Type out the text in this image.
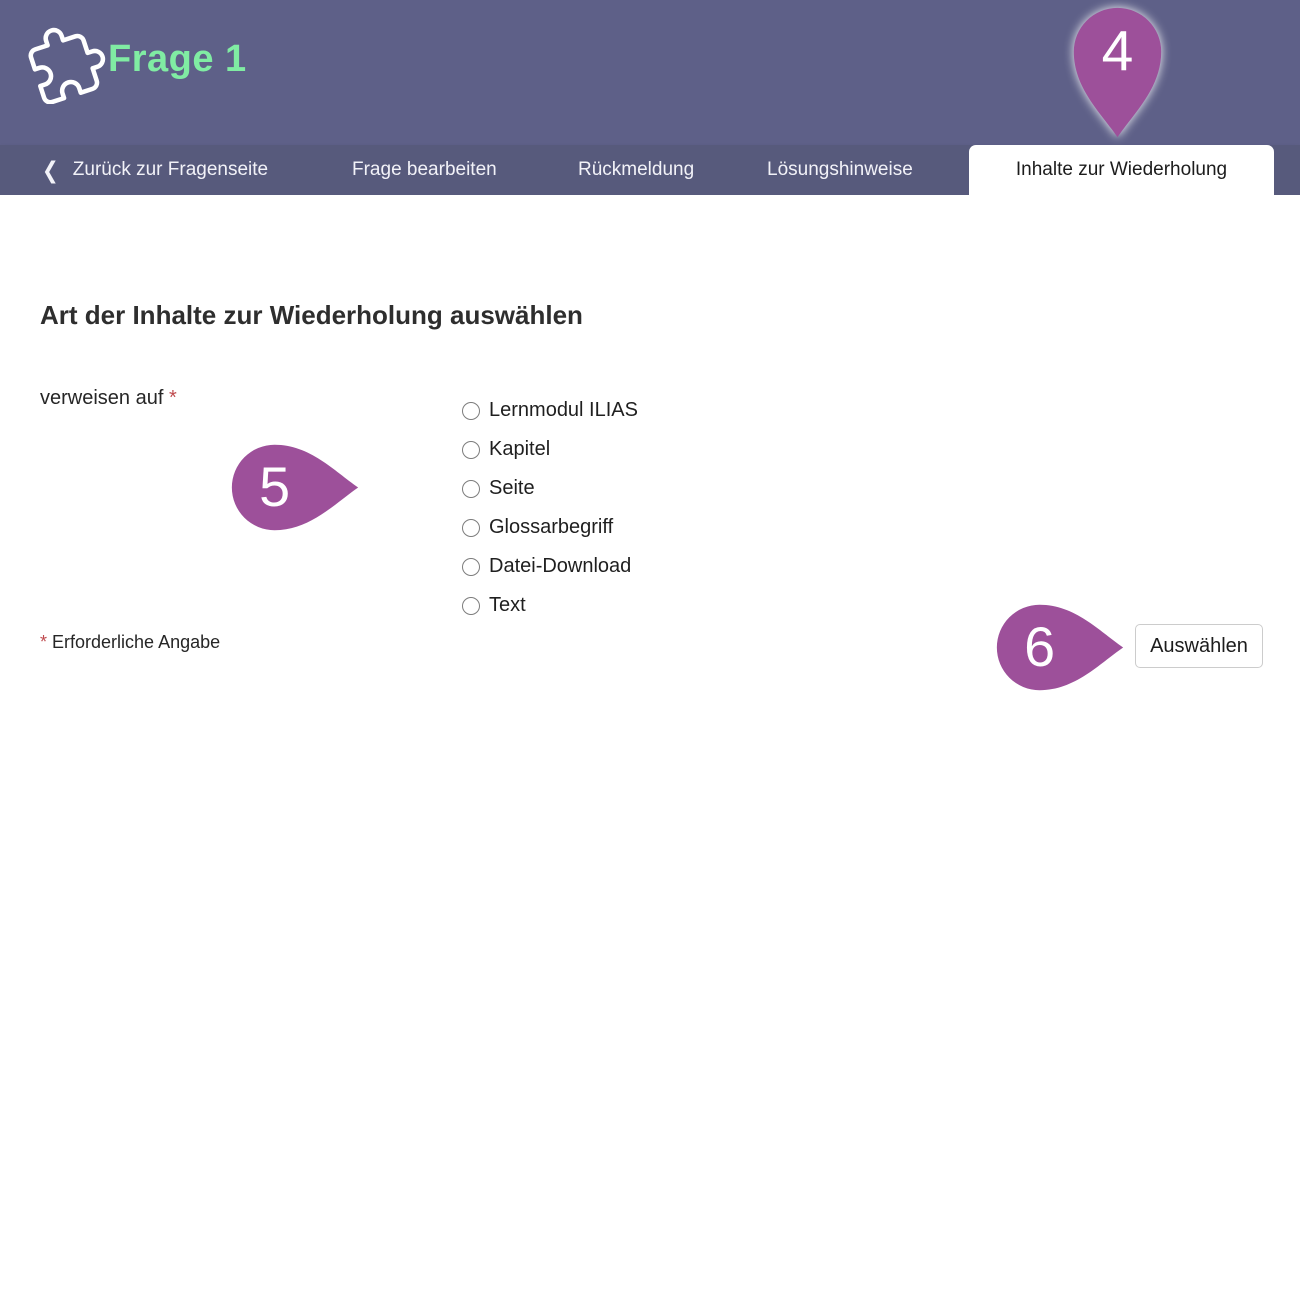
Frage 1
❮ Zurück zur Fragenseite	Frage bearbeiten	Rückmeldung	Lösungshinweise	Inhalte zur Wiederholung
Art der Inhalte zur Wiederholung auswählen
verweisen auf *
Lernmodul ILIAS
Kapitel
Seite
Glossarbegriff
Datei-Download
Text
* Erforderliche Angabe	Auswählen
4
5
6
